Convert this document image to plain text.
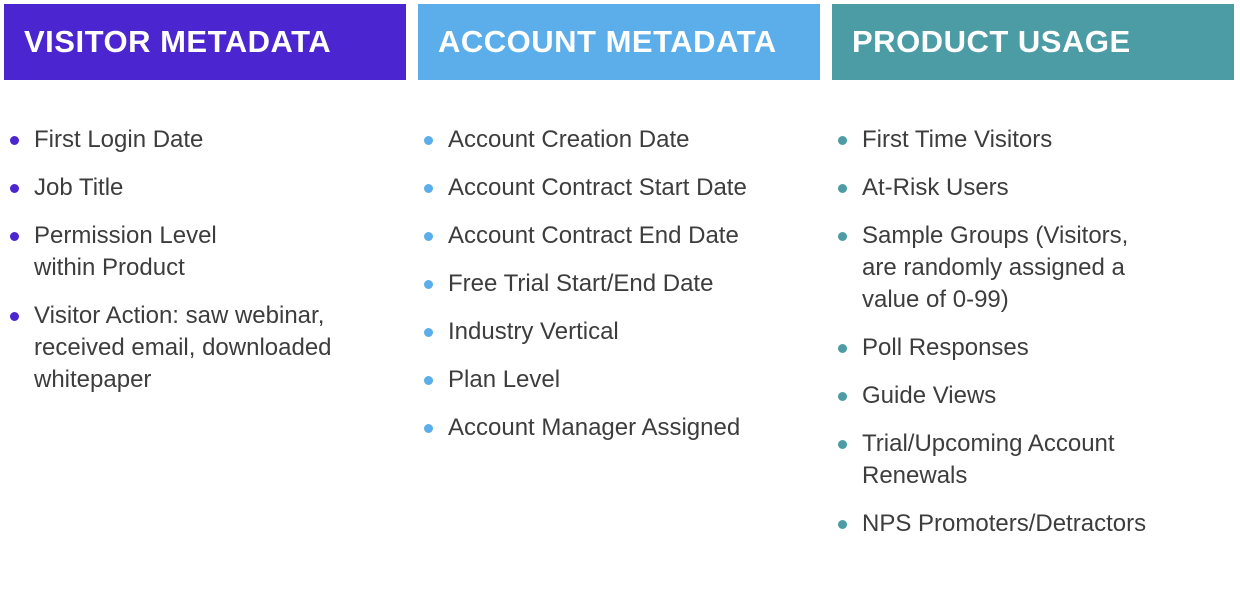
VISITOR METADATA
First Login Date
Job Title
Permission Level
within Product
Visitor Action: saw webinar,
received email, downloaded
whitepaper
ACCOUNT METADATA
Account Creation Date
Account Contract Start Date
Account Contract End Date
Free Trial Start/End Date
Industry Vertical
Plan Level
Account Manager Assigned
PRODUCT USAGE
First Time Visitors
At-Risk Users
Sample Groups (Visitors,
are randomly assigned a
value of 0-99)
Poll Responses
Guide Views
Trial/Upcoming Account
Renewals
NPS Promoters/Detractors
